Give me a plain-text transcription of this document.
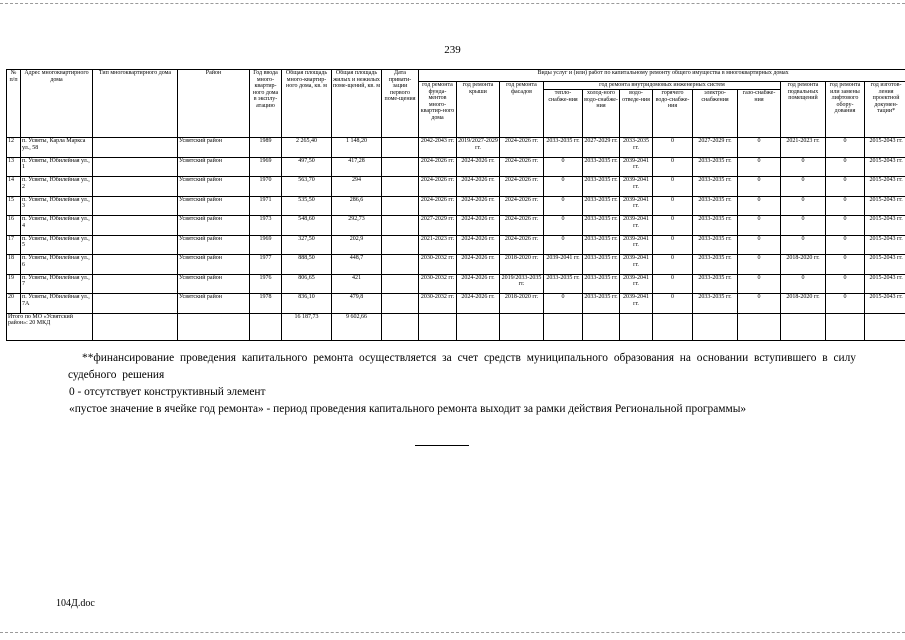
239
№ п/п	Адрес многоквартирного дома	Тип многоквартирного дома	Район	Год ввода много-квартир-ного дома в эксплу-атацию	Общая площадь много-квартир-ного дома, кв. м	Общая площадь жилых и нежилых поме-щений, кв. м	Дата привати-зации первого поме-щения	Виды услуг и (или) работ по капитальному ремонту общего имущества в многоквартирных домах											
								год ремонта фунда-ментов много-квартир-ного дома	год ремонта крыши	год ремонта фасадов	год ремонта внутридомовых инженерных систем						год ремонта подвальных помещений	год ремонта или замены лифтового обору-дования	год изготов-ления проектной докумен-тации*
											тепло-снабже-ния	холод-ного водо-снабже-ния	водо-отведе-ния	горячего водо-снабже-ния	электро-снабжения	газо-снабже-ния			
12	п. Усвяты, Карла Маркса ул., 58		Усвятский район	1989	2 265,40	1 148,20		2042-2043 гг.	2019/2027-2029 гг.	2024-2026 гг.	2033-2035 гг.	2027-2029 гг.	2033-2035 гг.	0	2027-2029 гг.	0	2021-2023 гг.	0	2015-2043 гг.
13	п. Усвяты, Юбилейная ул., 1		Усвятский район	1969	497,50	417,28		2024-2026 гг.	2024-2026 гг.	2024-2026 гг.	0	2033-2035 гг.	2039-2041 гг.	0	2033-2035 гг.	0	0	0	2015-2043 гг.
14	п. Усвяты, Юбилейная ул., 2		Усвятский район	1970	563,70	294		2024-2026 гг.	2024-2026 гг.	2024-2026 гг.	0	2033-2035 гг.	2039-2041 гг.	0	2033-2035 гг.	0	0	0	2015-2043 гг.
15	п. Усвяты, Юбилейная ул., 3		Усвятский район	1971	535,50	286,6		2024-2026 гг.	2024-2026 гг.	2024-2026 гг.	0	2033-2035 гг.	2039-2041 гг.	0	2033-2035 гг.	0	0	0	2015-2043 гг.
16	п. Усвяты, Юбилейная ул., 4		Усвятский район	1973	548,60	292,73		2027-2029 гг.	2024-2026 гг.	2024-2026 гг.	0	2033-2035 гг.	2039-2041 гг.	0	2033-2035 гг.	0	0	0	2015-2043 гг.
17	п. Усвяты, Юбилейная ул., 5		Усвятский район	1969	327,50	202,9		2021-2023 гг.	2024-2026 гг.	2024-2026 гг.	0	2033-2035 гг.	2039-2041 гг.	0	2033-2035 гг.	0	0	0	2015-2043 гг.
18	п. Усвяты, Юбилейная ул., 6		Усвятский район	1977	888,50	448,7		2030-2032 гг.	2024-2026 гг.	2018-2020 гг.	2039-2041 гг.	2033-2035 гг.	2039-2041 гг.	0	2033-2035 гг.	0	2018-2020 гг.	0	2015-2043 гг.
19	п. Усвяты, Юбилейная ул., 7		Усвятский район	1976	806,65	421		2030-2032 гг.	2024-2026 гг.	2019/2033-2035 гг.	2033-2035 гг.	2033-2035 гг.	2039-2041 гг.	0	2033-2035 гг.	0	0	0	2015-2043 гг.
20	п. Усвяты, Юбилейная ул., 7А		Усвятский район	1978	836,10	479,8		2030-2032 гг.	2024-2026 гг.	2018-2020 гг.	0	2033-2035 гг.	2039-2041 гг.	0	2033-2035 гг.	0	2018-2020 гг.	0	2015-2043 гг.
Итого по МО «Усвятский район»: 20 МКД					16 187,73	9 602,66													

**финансирование проведения капитального ремонта осуществляется за счет средств муниципального образования на основании вступившего в силу судебного решения

0 - отсутствует конструктивный элемент

«пустое значение в ячейке год ремонта» - период проведения капитального ремонта выходит за рамки действия Региональной программы»

104Д.doc
